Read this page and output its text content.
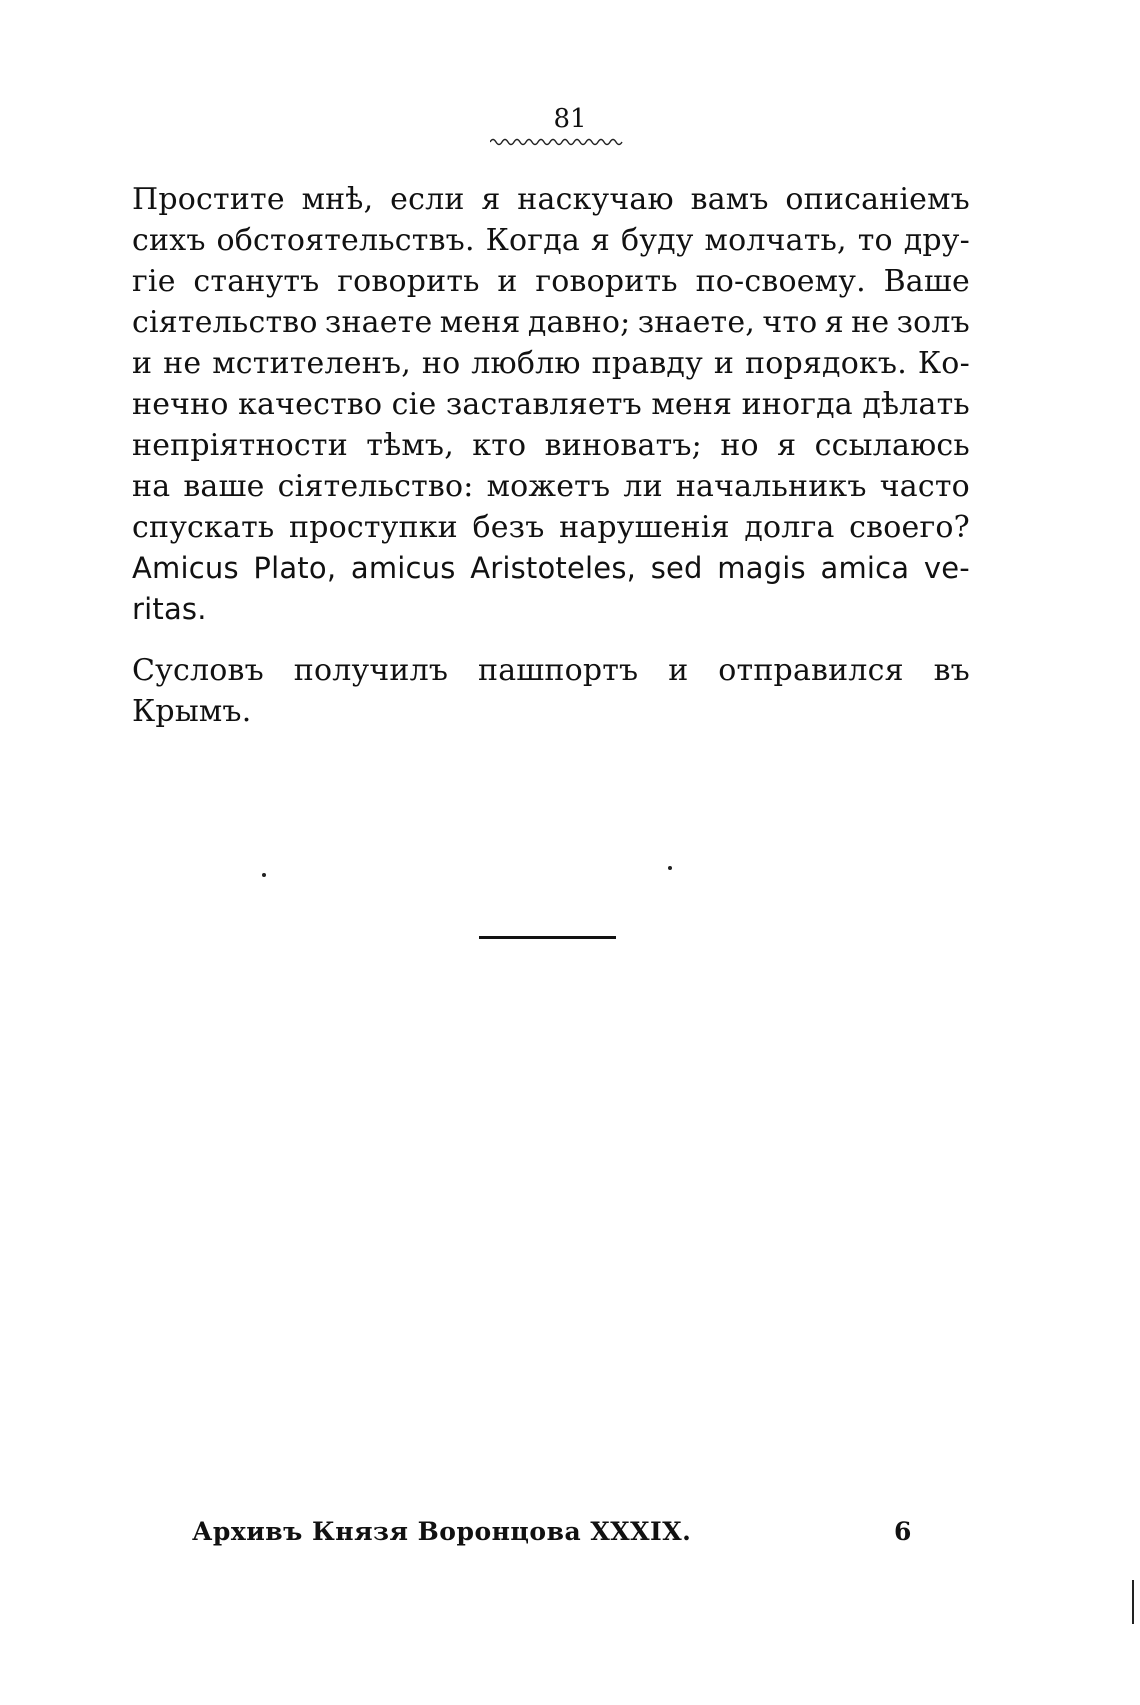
81
Простите мнѣ, если я наскучаю вамъ описаніемъ
сихъ обстоятельствъ. Когда я буду молчать, то дру-
гіе станутъ говорить и говорить по-своему. Ваше
сіятельство знаете меня давно; знаете, что я не золъ
и не мстителенъ, но люблю правду и порядокъ. Ко-
нечно качество сіе заставляетъ меня иногда дѣлать
непріятности тѣмъ, кто виноватъ; но я ссылаюсь
на ваше сіятельство: можетъ ли начальникъ часто
спускать проступки безъ нарушенія долга своего?
Amicus Plato, amicus Aristoteles, sed magis amica ve-
ritas.
Сусловъ получилъ пашпортъ и отправился въ
Крымъ.
Архивъ Князя Воронцова XXXIX.	6
